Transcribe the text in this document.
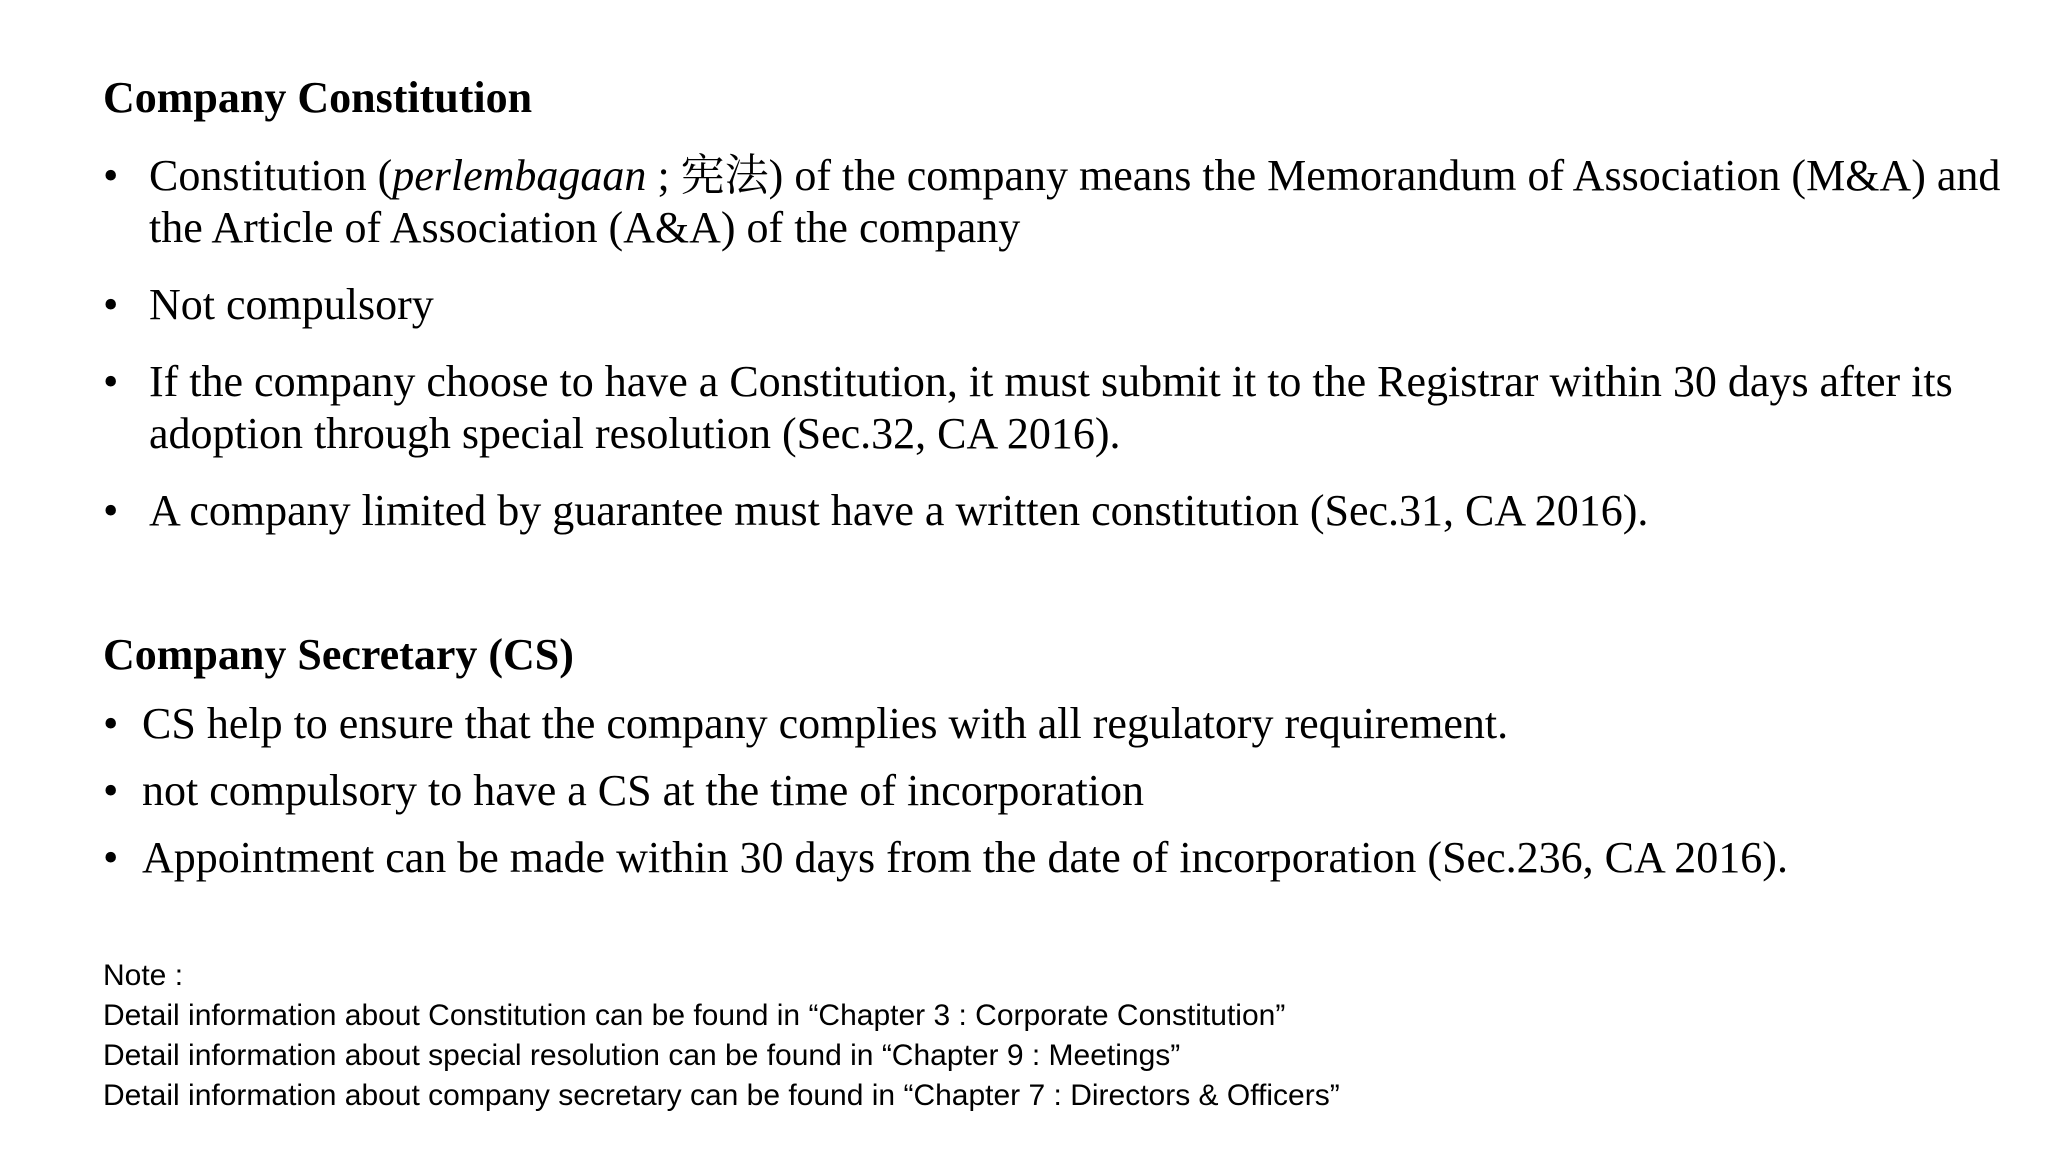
Company Constitution
• Constitution (perlembagaan ; 宪法) of the company means the Memorandum of Association (M&A) and the Article of Association (A&A) of the company
• Not compulsory
• If the company choose to have a Constitution, it must submit it to the Registrar within 30 days after its adoption through special resolution (Sec.32, CA 2016).
• A company limited by guarantee must have a written constitution (Sec.31, CA 2016).
Company Secretary (CS)
• CS help to ensure that the company complies with all regulatory requirement.
• not compulsory to have a CS at the time of incorporation
• Appointment can be made within 30 days from the date of incorporation (Sec.236, CA 2016).
Note :
Detail information about Constitution can be found in “Chapter 3 : Corporate Constitution”
Detail information about special resolution can be found in “Chapter 9 : Meetings”
Detail information about company secretary can be found in “Chapter 7 : Directors & Officers”
